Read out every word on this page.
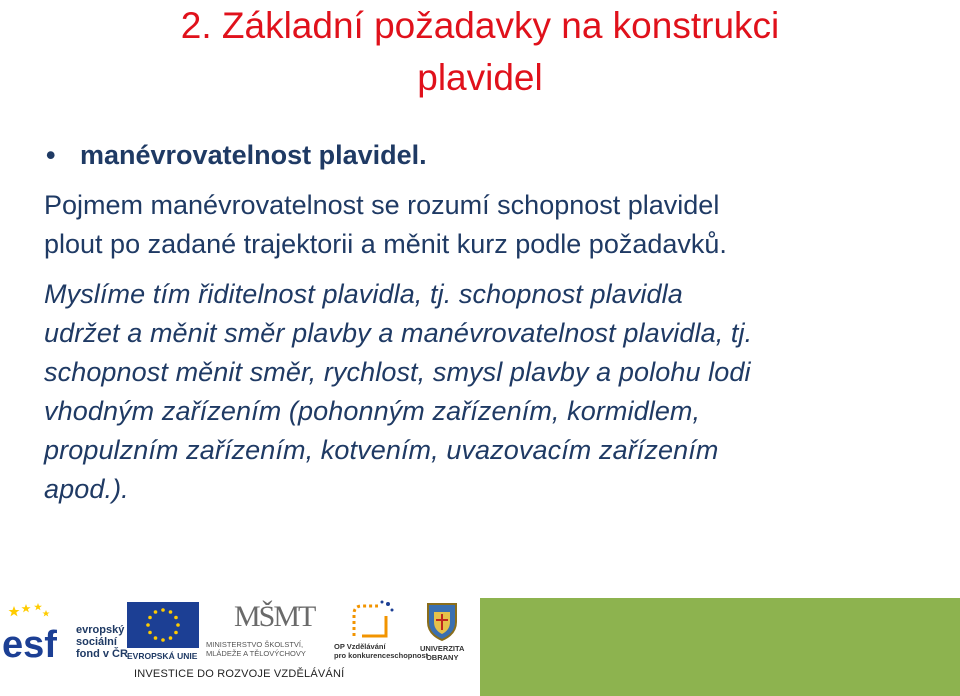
2. Základní požadavky na konstrukci
plavidel
• manévrovatelnost plavidel.

Pojmem manévrovatelnost se rozumí schopnost plavidel
plout po zadané trajektorii a měnit kurz podle požadavků.

Myslíme tím řiditelnost plavidla, tj. schopnost plavidla
udržet a měnit směr plavby a manévrovatelnost plavidla, tj.
schopnost měnit směr, rychlost, smysl plavby a polohu lodi
vhodným zařízením (pohonným zařízením, kormidlem,
propulzním zařízením, kotvením, uvazovacím zařízením
apod.).

esf evropský
sociální
fond v ČR EVROPSKÁ UNIE
MŠMT
MINISTERSTVO ŠKOLSTVÍ,
MLÁDEŽE A TĚLOVÝCHOVY
OP Vzdělávání
pro konkurenceschopnost
UNIVERZITA
OBRANY
INVESTICE DO ROZVOJE VZDĚLÁVÁNÍ
